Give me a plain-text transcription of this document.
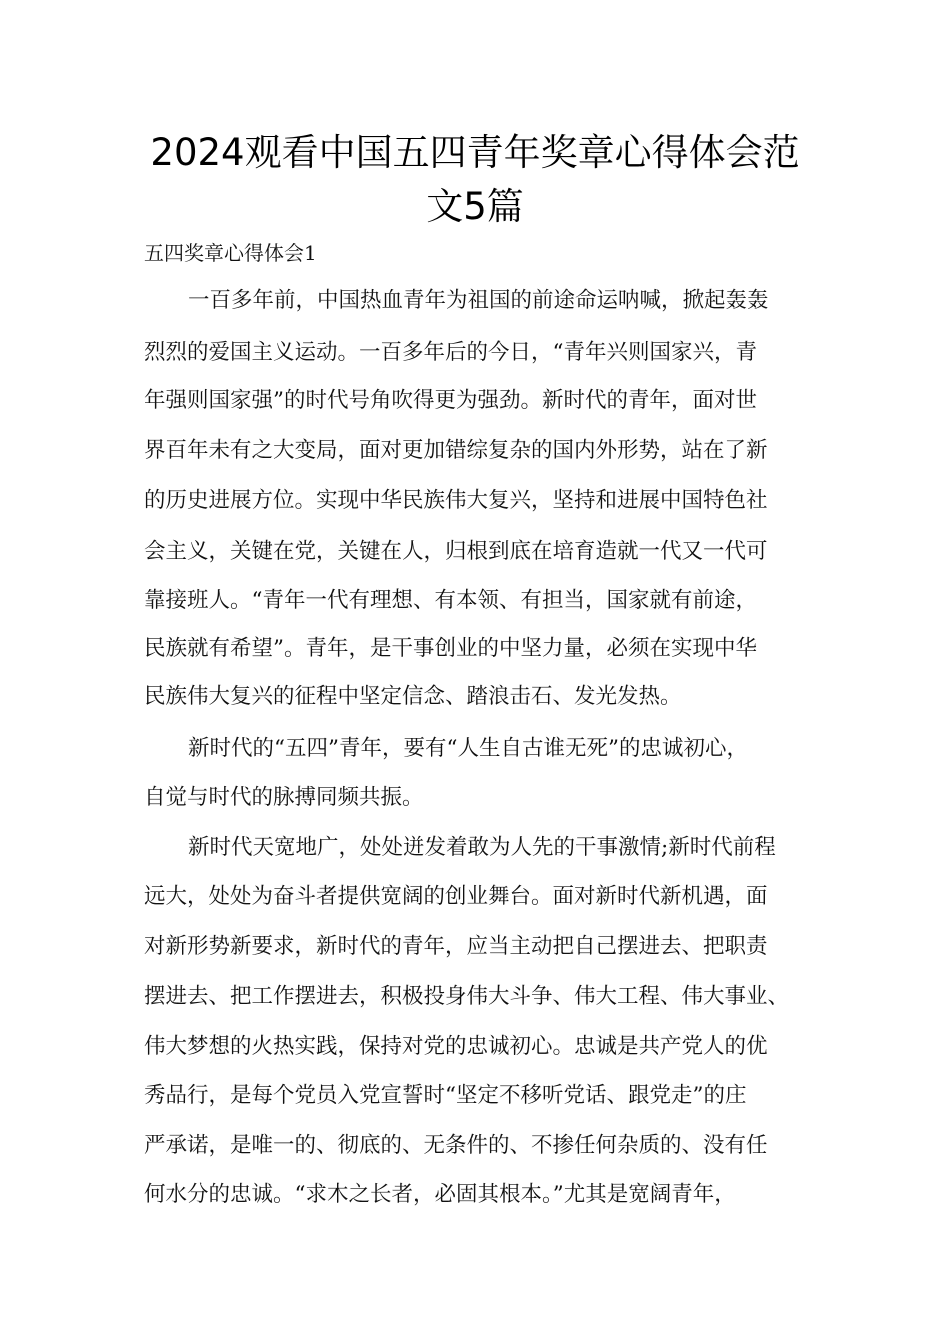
2024观看中国五四青年奖章心得体会范
文5篇

五四奖章心得体会1

一百多年前，中国热血青年为祖国的前途命运呐喊，掀起轰轰

烈烈的爱国主义运动。一百多年后的今日，“青年兴则国家兴，青

年强则国家强”的时代号角吹得更为强劲。新时代的青年，面对世

界百年未有之大变局，面对更加错综复杂的国内外形势，站在了新

的历史进展方位。实现中华民族伟大复兴，坚持和进展中国特色社

会主义，关键在党，关键在人，归根到底在培育造就一代又一代可

靠接班人。“青年一代有理想、有本领、有担当，国家就有前途，

民族就有希望”。青年，是干事创业的中坚力量，必须在实现中华

民族伟大复兴的征程中坚定信念、踏浪击石、发光发热。

新时代的“五四”青年，要有“人生自古谁无死”的忠诚初心，

自觉与时代的脉搏同频共振。

新时代天宽地广，处处迸发着敢为人先的干事激情;新时代前程

远大，处处为奋斗者提供宽阔的创业舞台。面对新时代新机遇，面

对新形势新要求，新时代的青年，应当主动把自己摆进去、把职责

摆进去、把工作摆进去，积极投身伟大斗争、伟大工程、伟大事业、

伟大梦想的火热实践，保持对党的忠诚初心。忠诚是共产党人的优

秀品行，是每个党员入党宣誓时“坚定不移听党话、跟党走”的庄

严承诺，是唯一的、彻底的、无条件的、不掺任何杂质的、没有任

何水分的忠诚。“求木之长者，必固其根本。”尤其是宽阔青年，
